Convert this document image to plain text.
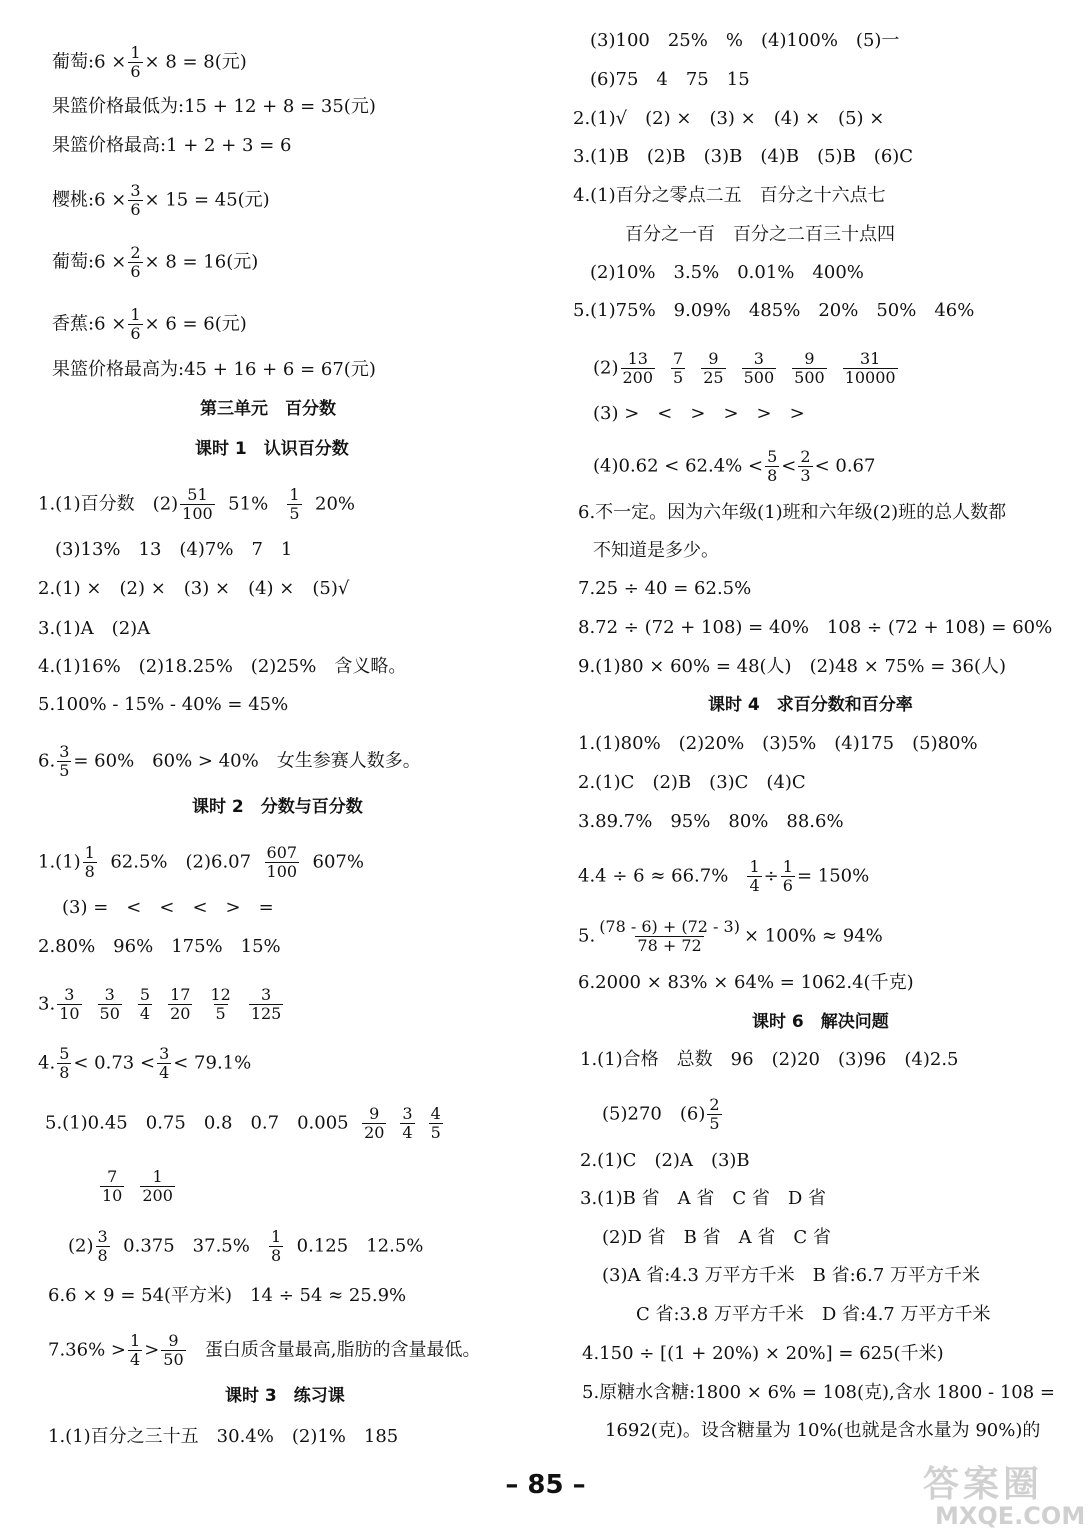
葡萄:6 × $\frac{1}{6} \times 8 = 8$(元)
果篮价格最低为:15 + 12 + 8 = 35(元)
果篮价格最高:1 + 2 + 3 = 6
樱桃:6 × $\frac{3}{6} \times 15 = 45$(元)
葡萄:6 × $\frac{2}{6} \times 8 = 16$(元)
香蕉:6 × $\frac{1}{6} \times 6 = 6$(元)
果篮价格最高为:45 + 16 + 6 = 67(元)
第三单元　百分数
课时 1　认识百分数
1.(1)百分数　$(2) \frac{51}{100} 51\% \frac{1}{5} 20\%$
(3)13%　13　(4)7%　7　1
2.(1) ×　(2) ×　(3) ×　(4) ×　(5)√
3.(1)A　(2)A
4.(1)16%　(2)18.25%　(2)25%　含义略。
5.100% - 15% - 40% = 45%
6. $\frac{3}{5} = 60\%$　60% > 40%　女生参赛人数多。
课时 2　分数与百分数
$1.(1) \frac{1}{8} 62.5\%$　$(2)6.07 \frac{607}{100} 607\%$
(3) =　<　<　<　>　=
2.80%　96%　175%　15%
3. $\frac{3}{10} \frac{3}{50} \frac{5}{4} \frac{17}{20} \frac{12}{5} \frac{3}{125}$
4. $\frac{5}{8} < 0.73 < \frac{3}{4} < 79.1\%$
5.(1)0.45　0.75　0.8　0.7　$0.005 \frac{9}{20} \frac{3}{4} \frac{4}{5}$
$\frac{7}{10} \frac{1}{200}$
$(2) \frac{3}{8} 0.375$　$37.5\% \frac{1}{8} 0.125$　12.5%
6.6 × 9 = 54(平方米)　14 ÷ 54 ≈ 25.9%
$7.36\% > \frac{1}{4} > \frac{9}{50}$ 蛋白质含量最高,脂肪的含量最低。
课时 3　练习课
1.(1)百分之三十五　30.4%　(2)1%　185
(3)100　25%　%　(4)100%　(5)一
(6)75　4　75　15
2.(1)√　(2) ×　(3) ×　(4) ×　(5) ×
3.(1)B　(2)B　(3)B　(4)B　(5)B　(6)C
4.(1)百分之零点二五　百分之十六点七
百分之一百　百分之二百三十点四
(2)10%　3.5%　0.01%　400%
5.(1)75%　9.09%　485%　20%　50%　46%
$(2) \frac{13}{200} \frac{7}{5} \frac{9}{25} \frac{3}{500} \frac{9}{500} \frac{31}{10000}$
(3) >　<　>　>　>　>
$(4)0.62 < 62.4\% < \frac{5}{8} < \frac{2}{3} < 0.67$
6.不一定。因为六年级(1)班和六年级(2)班的总人数都
不知道是多少。
7.25 ÷ 40 = 62.5%
8.72 ÷ (72 + 108) = 40%　108 ÷ (72 + 108) = 60%
9.(1)80 × 60% = 48(人)　(2)48 × 75% = 36(人)
课时 4　求百分数和百分率
1.(1)80%　(2)20%　(3)5%　(4)175　(5)80%
2.(1)C　(2)B　(3)C　(4)C
3.89.7%　95%　80%　88.6%
$4.4 \div 6 \approx 66.7\% \frac{1}{4} \div \frac{1}{6} = 150\%$
5. $\frac{(78 - 6) + (72 - 3)}{78 + 72} \times 100\% \approx 94\%$
6.2000 × 83% × 64% = 1062.4(千克)
课时 6　解决问题
1.(1)合格　总数　96　(2)20　(3)96　(4)2.5
(5)270　$(6) \frac{2}{5}$
2.(1)C　(2)A　(3)B
3.(1)B 省　A 省　C 省　D 省
(2)D 省　B 省　A 省　C 省
(3)A 省:4.3 万平方千米　B 省:6.7 万平方千米
C 省:3.8 万平方千米　D 省:4.7 万平方千米
4.150 ÷ [(1 + 20%) × 20%] = 625(千米)
5.原糖水含糖:1800 × 6% = 108(克),含水 1800 - 108 =
1692(克)。设含糖量为 10%(也就是含水量为 90%)的
– 85 –	答案圈
MXQE.COM
